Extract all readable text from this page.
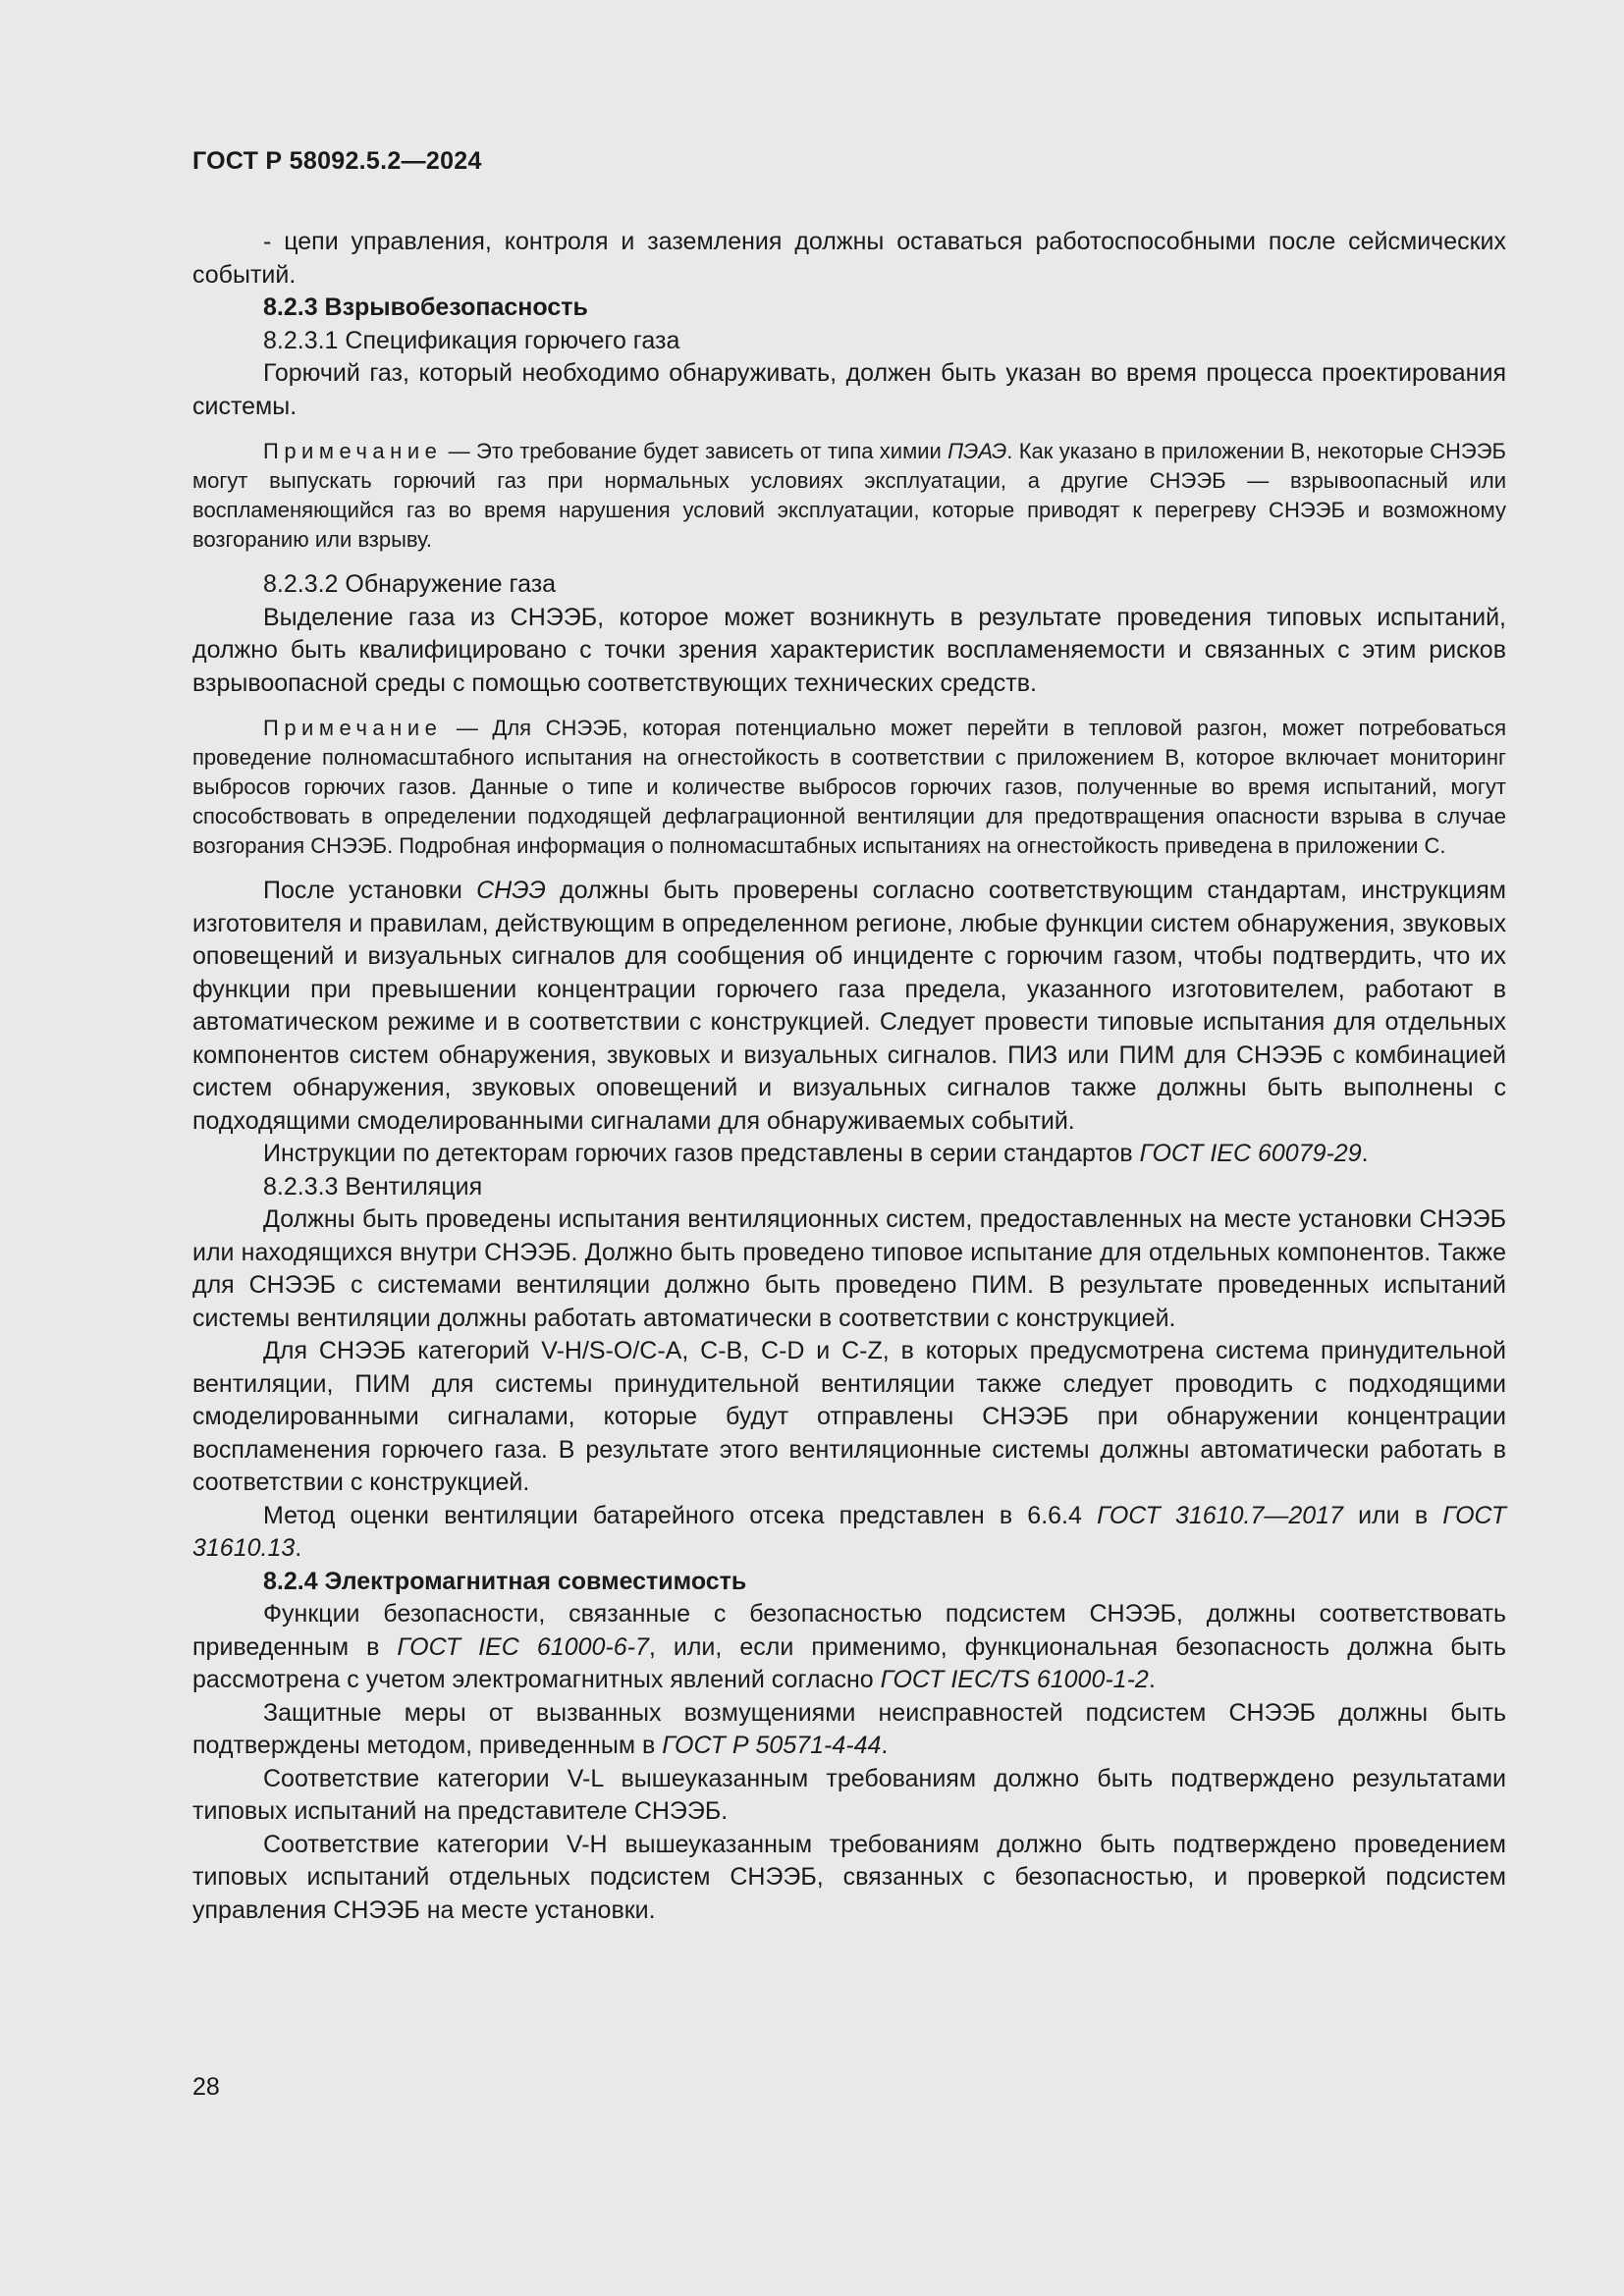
ГОСТ Р 58092.5.2—2024

- цепи управления, контроля и заземления должны оставаться работоспособными после сейсмических событий.

8.2.3 Взрывобезопасность

8.2.3.1 Спецификация горючего газа

Горючий газ, который необходимо обнаруживать, должен быть указан во время процесса проектирования системы.

Примечание — Это требование будет зависеть от типа химии ПЭАЭ. Как указано в приложении В, некоторые СНЭЭБ могут выпускать горючий газ при нормальных условиях эксплуатации, а другие СНЭЭБ — взрывоопасный или воспламеняющийся газ во время нарушения условий эксплуатации, которые приводят к перегреву СНЭЭБ и возможному возгоранию или взрыву.

8.2.3.2 Обнаружение газа

Выделение газа из СНЭЭБ, которое может возникнуть в результате проведения типовых испытаний, должно быть квалифицировано с точки зрения характеристик воспламеняемости и связанных с этим рисков взрывоопасной среды с помощью соответствующих технических средств.

Примечание — Для СНЭЭБ, которая потенциально может перейти в тепловой разгон, может потребоваться проведение полномасштабного испытания на огнестойкость в соответствии с приложением В, которое включает мониторинг выбросов горючих газов. Данные о типе и количестве выбросов горючих газов, полученные во время испытаний, могут способствовать в определении подходящей дефлаграционной вентиляции для предотвращения опасности взрыва в случае возгорания СНЭЭБ. Подробная информация о полномасштабных испытаниях на огнестойкость приведена в приложении С.

После установки СНЭЭ должны быть проверены согласно соответствующим стандартам, инструкциям изготовителя и правилам, действующим в определенном регионе, любые функции систем обнаружения, звуковых оповещений и визуальных сигналов для сообщения об инциденте с горючим газом, чтобы подтвердить, что их функции при превышении концентрации горючего газа предела, указанного изготовителем, работают в автоматическом режиме и в соответствии с конструкцией. Следует провести типовые испытания для отдельных компонентов систем обнаружения, звуковых и визуальных сигналов. ПИЗ или ПИМ для СНЭЭБ с комбинацией систем обнаружения, звуковых оповещений и визуальных сигналов также должны быть выполнены с подходящими смоделированными сигналами для обнаруживаемых событий.

Инструкции по детекторам горючих газов представлены в серии стандартов ГОСТ IEC 60079-29.

8.2.3.3 Вентиляция

Должны быть проведены испытания вентиляционных систем, предоставленных на месте установки СНЭЭБ или находящихся внутри СНЭЭБ. Должно быть проведено типовое испытание для отдельных компонентов. Также для СНЭЭБ с системами вентиляции должно быть проведено ПИМ. В результате проведенных испытаний системы вентиляции должны работать автоматически в соответствии с конструкцией.

Для СНЭЭБ категорий V-H/S-O/C-A, C-B, C-D и C-Z, в которых предусмотрена система принудительной вентиляции, ПИМ для системы принудительной вентиляции также следует проводить с подходящими смоделированными сигналами, которые будут отправлены СНЭЭБ при обнаружении концентрации воспламенения горючего газа. В результате этого вентиляционные системы должны автоматически работать в соответствии с конструкцией.

Метод оценки вентиляции батарейного отсека представлен в 6.6.4 ГОСТ 31610.7—2017 или в ГОСТ 31610.13.

8.2.4 Электромагнитная совместимость

Функции безопасности, связанные с безопасностью подсистем СНЭЭБ, должны соответствовать приведенным в ГОСТ IEC 61000-6-7, или, если применимо, функциональная безопасность должна быть рассмотрена с учетом электромагнитных явлений согласно ГОСТ IEC/TS 61000-1-2.

Защитные меры от вызванных возмущениями неисправностей подсистем СНЭЭБ должны быть подтверждены методом, приведенным в ГОСТ Р 50571-4-44.

Соответствие категории V-L вышеуказанным требованиям должно быть подтверждено результатами типовых испытаний на представителе СНЭЭБ.

Соответствие категории V-H вышеуказанным требованиям должно быть подтверждено проведением типовых испытаний отдельных подсистем СНЭЭБ, связанных с безопасностью, и проверкой подсистем управления СНЭЭБ на месте установки.

28
